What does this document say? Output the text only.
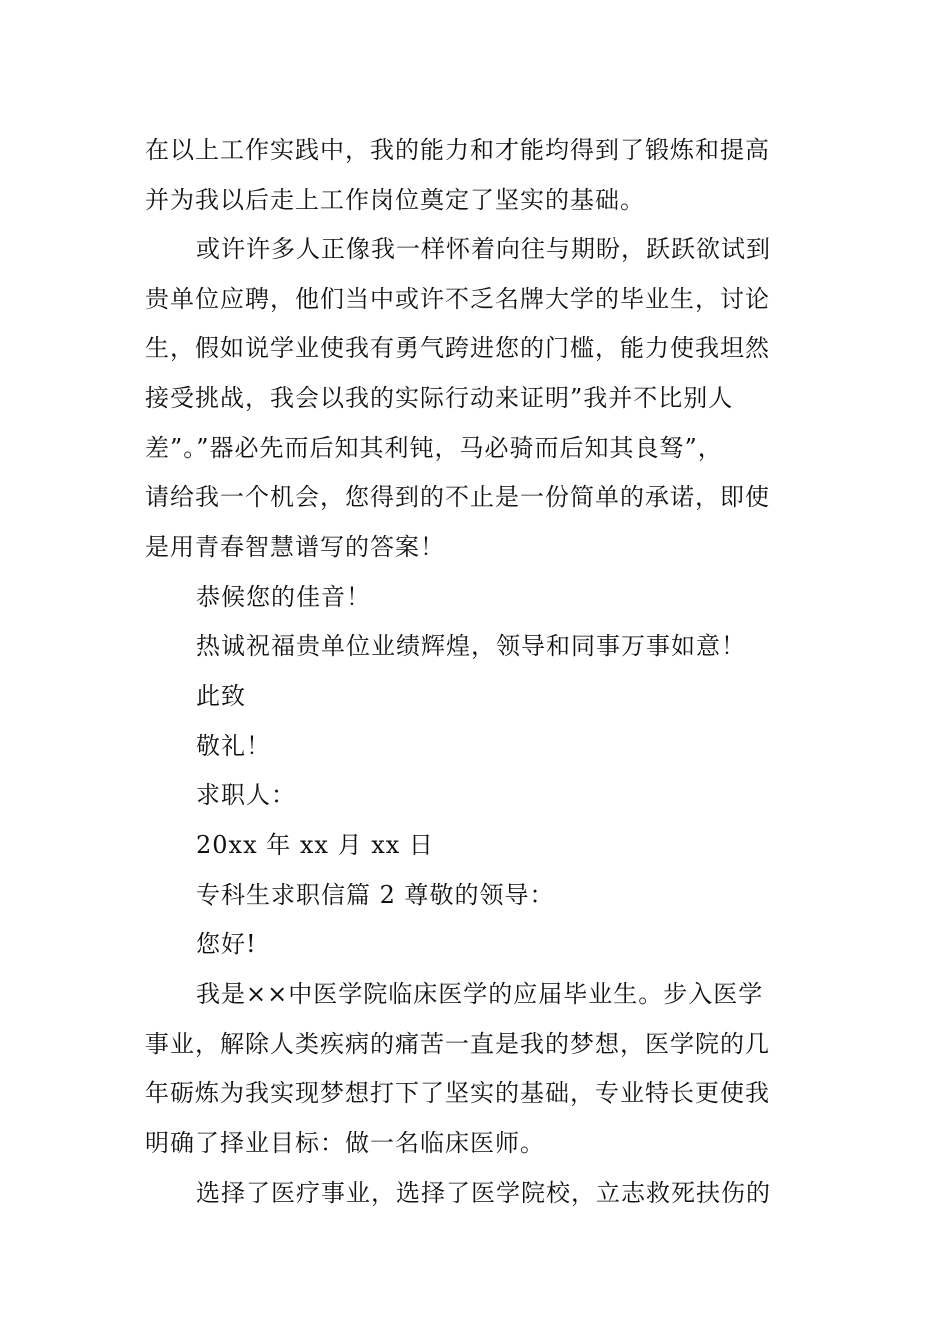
在以上工作实践中，我的能力和才能均得到了锻炼和提高
并为我以后走上工作岗位奠定了坚实的基础。
或许许多人正像我一样怀着向往与期盼，跃跃欲试到
贵单位应聘，他们当中或许不乏名牌大学的毕业生，讨论
生，假如说学业使我有勇气跨进您的门槛，能力使我坦然
接受挑战，我会以我的实际行动来证明”我并不比别人
差”。”器必先而后知其利钝，马必骑而后知其良驽”，
请给我一个机会，您得到的不止是一份简单的承诺，即使
是用青春智慧谱写的答案！
恭候您的佳音！
热诚祝福贵单位业绩辉煌，领导和同事万事如意！
此致
敬礼！
求职人：
20xx 年 xx 月 xx 日
专科生求职信篇 2 尊敬的领导：
您好!
我是××中医学院临床医学的应届毕业生。步入医学
事业，解除人类疾病的痛苦一直是我的梦想，医学院的几
年砺炼为我实现梦想打下了坚实的基础，专业特长更使我
明确了择业目标：做一名临床医师。
选择了医疗事业，选择了医学院校，立志救死扶伤的
